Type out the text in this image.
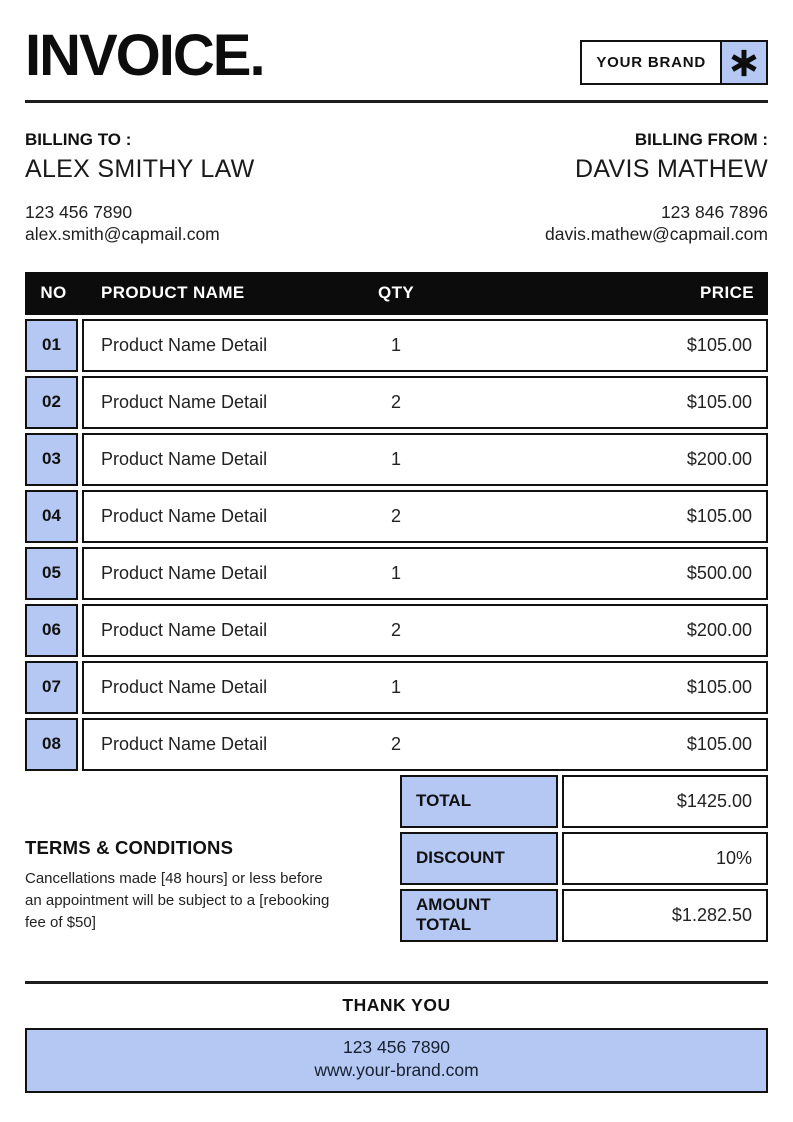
INVOICE.	YOUR BRAND
BILLING TO :
ALEX SMITHY LAW
123 456 7890
alex.smith@capmail.com
BILLING FROM :
DAVIS MATHEW
123 846 7896
davis.mathew@capmail.com
NO	PRODUCT NAME	QTY	PRICE
01	Product Name Detail	1	$105.00
02	Product Name Detail	2	$105.00
03	Product Name Detail	1	$200.00
04	Product Name Detail	2	$105.00
05	Product Name Detail	1	$500.00
06	Product Name Detail	2	$200.00
07	Product Name Detail	1	$105.00
08	Product Name Detail	2	$105.00
TERMS & CONDITIONS
Cancellations made [48 hours] or less before an appointment will be subject to a [rebooking fee of $50]
TOTAL	$1425.00
DISCOUNT	10%
AMOUNT TOTAL	$1.282.50
THANK YOU
123 456 7890
www.your-brand.com
